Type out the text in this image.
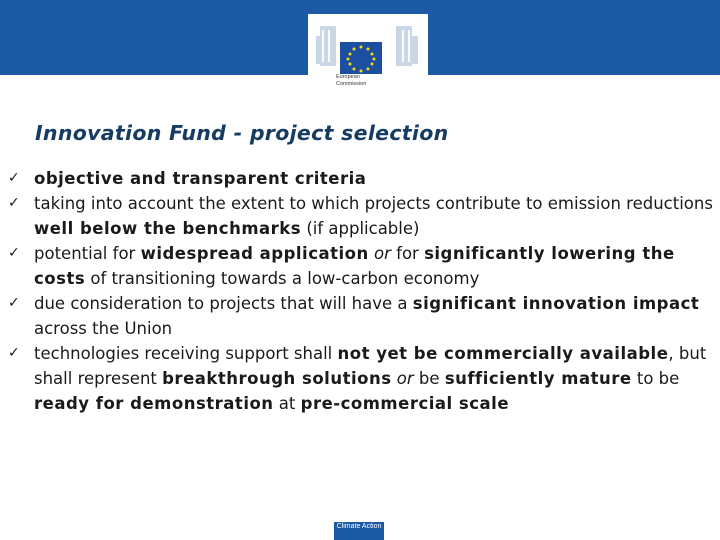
European
Commission
Innovation Fund - project selection
✓ objective and transparent criteria
✓ taking into account the extent to which projects contribute to emission reductions well below the benchmarks (if applicable)
✓ potential for widespread application or for significantly lowering the costs of transitioning towards a low-carbon economy
✓ due consideration to projects that will have a significant innovation impact across the Union
✓ technologies receiving support shall not yet be commercially available, but shall represent breakthrough solutions or be sufficiently mature to be ready for demonstration at pre-commercial scale
Climate Action
